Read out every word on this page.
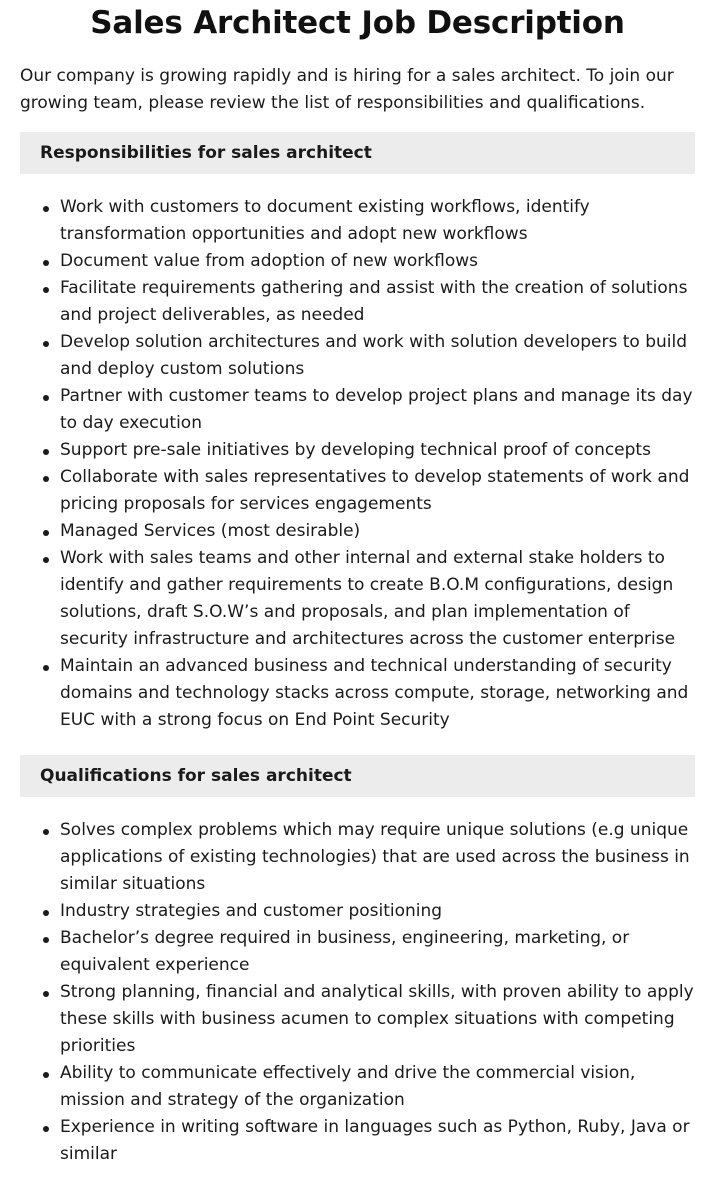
Sales Architect Job Description

Our company is growing rapidly and is hiring for a sales architect. To join our growing team, please review the list of responsibilities and qualifications.

Responsibilities for sales architect
Work with customers to document existing workflows, identify transformation opportunities and adopt new workflows
Document value from adoption of new workflows
Facilitate requirements gathering and assist with the creation of solutions and project deliverables, as needed
Develop solution architectures and work with solution developers to build and deploy custom solutions
Partner with customer teams to develop project plans and manage its day to day execution
Support pre-sale initiatives by developing technical proof of concepts
Collaborate with sales representatives to develop statements of work and pricing proposals for services engagements
Managed Services (most desirable)
Work with sales teams and other internal and external stake holders to identify and gather requirements to create B.O.M configurations, design solutions, draft S.O.W’s and proposals, and plan implementation of security infrastructure and architectures across the customer enterprise
Maintain an advanced business and technical understanding of security domains and technology stacks across compute, storage, networking and EUC with a strong focus on End Point Security
Qualifications for sales architect
Solves complex problems which may require unique solutions (e.g unique applications of existing technologies) that are used across the business in similar situations
Industry strategies and customer positioning
Bachelor’s degree required in business, engineering, marketing, or equivalent experience
Strong planning, financial and analytical skills, with proven ability to apply these skills with business acumen to complex situations with competing priorities
Ability to communicate effectively and drive the commercial vision, mission and strategy of the organization
Experience in writing software in languages such as Python, Ruby, Java or similar
